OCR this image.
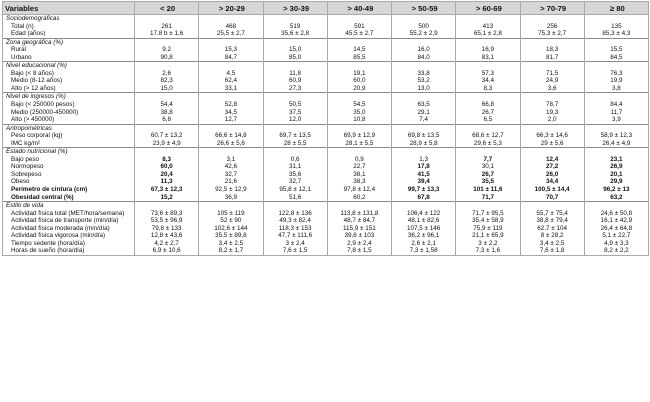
Variables	< 20	> 20-29	> 30-39	> 40-49	> 50-59	> 60-69	> 70-79	≥ 80
Sociodemográficas								
Total (n)	261	468	519	591	500	413	256	135
Edad (años)	17,8 b ± 1,6	25,5 ± 2,7	35,6 ± 2,8	45,5 ± 2,7	55,2 ± 2,9	65,1 ± 2,8	75,3 ± 2,7	85,3 ± 4,3
Zona geográfica (%)								
Rural	9,2	15,3	15,0	14,5	16,0	16,9	18,3	15,5
Urbano	90,8	84,7	85,0	85,5	84,0	83,1	81,7	84,5
Nivel educacional (%)								
Bajo (< 8 años)	2,6	4,5	11,8	19,1	33,8	57,3	71,5	76,3
Medio (8-12 años)	82,3	62,4	60,9	60,0	53,2	34,4	24,9	19,9
Alto (> 12 años)	15,0	33,1	27,3	20,9	13,0	8,3	3,6	3,8
Nivel de ingresos (%)								
Bajo (< 250000 pesos)	54,4	52,8	50,5	54,5	63,5	66,8	78,7	84,4
Medio (250000-450000)	38,8	34,5	37,5	35,0	29,1	26,7	19,3	11,7
Alto (> 450000)	6,8	12,7	12,0	10,8	7,4	6,5	2,0	3,9
Antropométricas								
Peso corporal (kg)	60,7 ± 13,2	66,6 ± 14,8	69,7 ± 13,5	69,9 ± 12,9	69,8 ± 13,5	68,6 ± 12,7	66,3 ± 14,6	58,9 ± 12,3
IMC kg/m²	23,9 ± 4,9	26,6 ± 5,6	28 ± 5,5	28,1 ± 5,5	28,9 ± 5,8	29,6 ± 5,3	29 ± 5,6	26,4 ± 4,9
Estado nutricional (%)								
Bajo peso	8,3	3,1	0,6	0,9	1,3	7,7	12,4	23,1
Normopeso	60,0	42,6	31,1	22,7	17,8	30,1	27,2	26,9
Sobrepeso	20,4	32,7	35,6	38,1	41,5	26,7	26,0	20,1
Obeso	11,3	21,6	32,7	38,3	39,4	35,5	34,4	29,9
Perímetro de cintura (cm)	67,3 ± 12,3	92,5 ± 12,9	95,8 ± 12,1	97,8 ± 12,4	99,7 ± 13,3	101 ± 11,6	100,5 ± 14,4	96,2 ± 13
Obesidad central (%)	15,2	36,9	51,6	60,2	67,8	71,7	70,7	63,2
Estilo de vida								
Actividad física total (MET/hora/semana)	73,6 ± 89,3	105 ± 119	122,8 ± 136	113,8 ± 131,8	106,4 ± 122	71,7 ± 95,5	55,7 ± 75,4	24,6 ± 50,8
Actividad física de transporte (min/día)	53,5 ± 96,9	52 ± 90	49,3 ± 82,4	48,7 ± 84,7	48,1 ± 82,6	35,4 ± 58,9	38,8 ± 79,4	16,1 ± 42,9
Actividad física moderada (min/día)	79,8 ± 133	102,6 ± 144	118,3 ± 153	115,9 ± 151	107,5 ± 146	75,9 ± 119	62,7 ± 104	26,4 ± 64,8
Actividad física vigorosa (min/día)	12,8 ± 43,6	35,5 ± 89,8	47,7 ± 111,6	39,6 ± 103	36,2 ± 96,1	21,1 ± 65,9	8 ± 28,2	5,1 ± 22,7
Tiempo sedente (hora/día)	4,2 ± 2,7	3,4 ± 2,5	3 ± 2,4	2,9 ± 2,4	2,6 ± 2,1	3 ± 2,2	3,4 ± 2,5	4,9 ± 3,3
Horas de sueño (hora/día)	6,9 ± 10,6	8,2 ± 1,7	7,6 ± 1,5	7,8 ± 1,5	7,3 ± 1,58	7,3 ± 1,6	7,6 ± 1,8	8,2 ± 2,2
